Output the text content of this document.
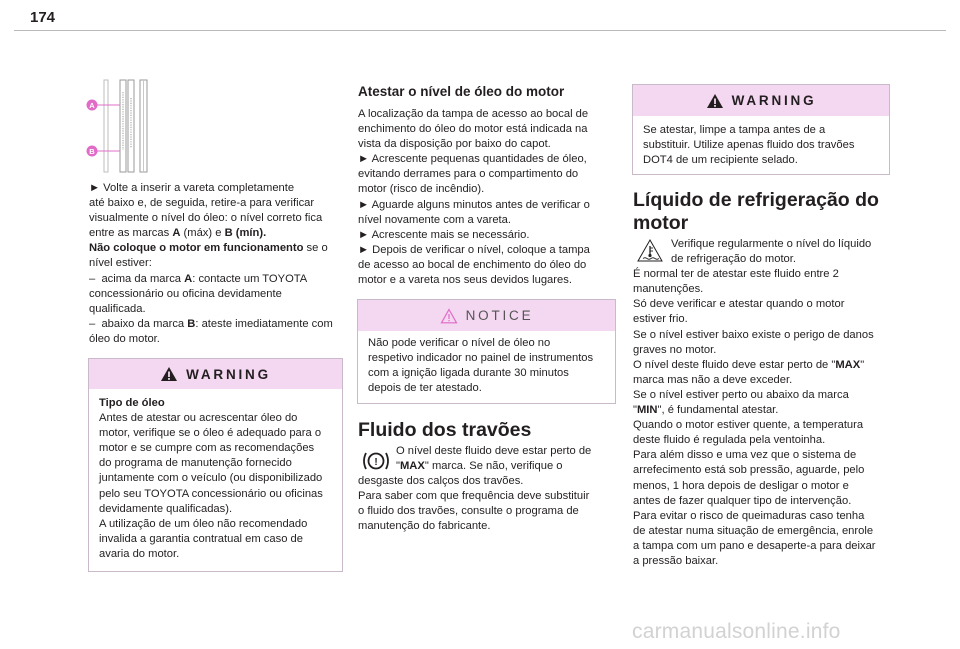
174
A
B

► Volte a inserir a vareta completamente

até baixo e, de seguida, retire-a para verificar

visualmente o nível do óleo: o nível correto fica

entre as marcas A (máx) e B (mín).

Não coloque o motor em funcionamento se o

nível estiver:

–  acima da marca A: contacte um TOYOTA

concessionário ou oficina devidamente

qualificada.

–  abaixo da marca B: ateste imediatamente com

óleo do motor.

WARNING
Tipo de óleo
Antes de atestar ou acrescentar óleo do
motor, verifique se o óleo é adequado para o
motor e se cumpre com as recomendações
do programa de manutenção fornecido
juntamente com o veículo (ou disponibilizado
pelo seu TOYOTA concessionário ou oficinas
devidamente qualificadas).
A utilização de um óleo não recomendado
invalida a garantia contratual em caso de
avaria do motor.
Atestar o nível de óleo do motor

A localização da tampa de acesso ao bocal de

enchimento do óleo do motor está indicada na

vista da disposição por baixo do capot.

► Acrescente pequenas quantidades de óleo,

evitando derrames para o compartimento do

motor (risco de incêndio).

► Aguarde alguns minutos antes de verificar o

nível novamente com a vareta.

► Acrescente mais se necessário.

► Depois de verificar o nível, coloque a tampa

de acesso ao bocal de enchimento do óleo do

motor e a vareta nos seus devidos lugares.

NOTICE
Não pode verificar o nível de óleo no
respetivo indicador no painel de instrumentos
com a ignição ligada durante 30 minutos
depois de ter atestado.
Fluido dos travões
!

O nível deste fluido deve estar perto de

"MAX" marca. Se não, verifique o

desgaste dos calços dos travões.

Para saber com que frequência deve substituir

o fluido dos travões, consulte o programa de

manutenção do fabricante.

WARNING
Se atestar, limpe a tampa antes de a
substituir. Utilize apenas fluido dos travões
DOT4 de um recipiente selado.
Líquido de refrigeração do
motor

Verifique regularmente o nível do líquido

de refrigeração do motor.

É normal ter de atestar este fluido entre 2

manutenções.

Só deve verificar e atestar quando o motor

estiver frio.

Se o nível estiver baixo existe o perigo de danos

graves no motor.

O nível deste fluido deve estar perto de "MAX"

marca mas não a deve exceder.

Se o nível estiver perto ou abaixo da marca

"MIN", é fundamental atestar.

Quando o motor estiver quente, a temperatura

deste fluido é regulada pela ventoinha.

Para além disso e uma vez que o sistema de

arrefecimento está sob pressão, aguarde, pelo

menos, 1 hora depois de desligar o motor e

antes de fazer qualquer tipo de intervenção.

Para evitar o risco de queimaduras caso tenha

de atestar numa situação de emergência, enrole

a tampa com um pano e desaperte-a para deixar

a pressão baixar.

carmanualsonline.info
